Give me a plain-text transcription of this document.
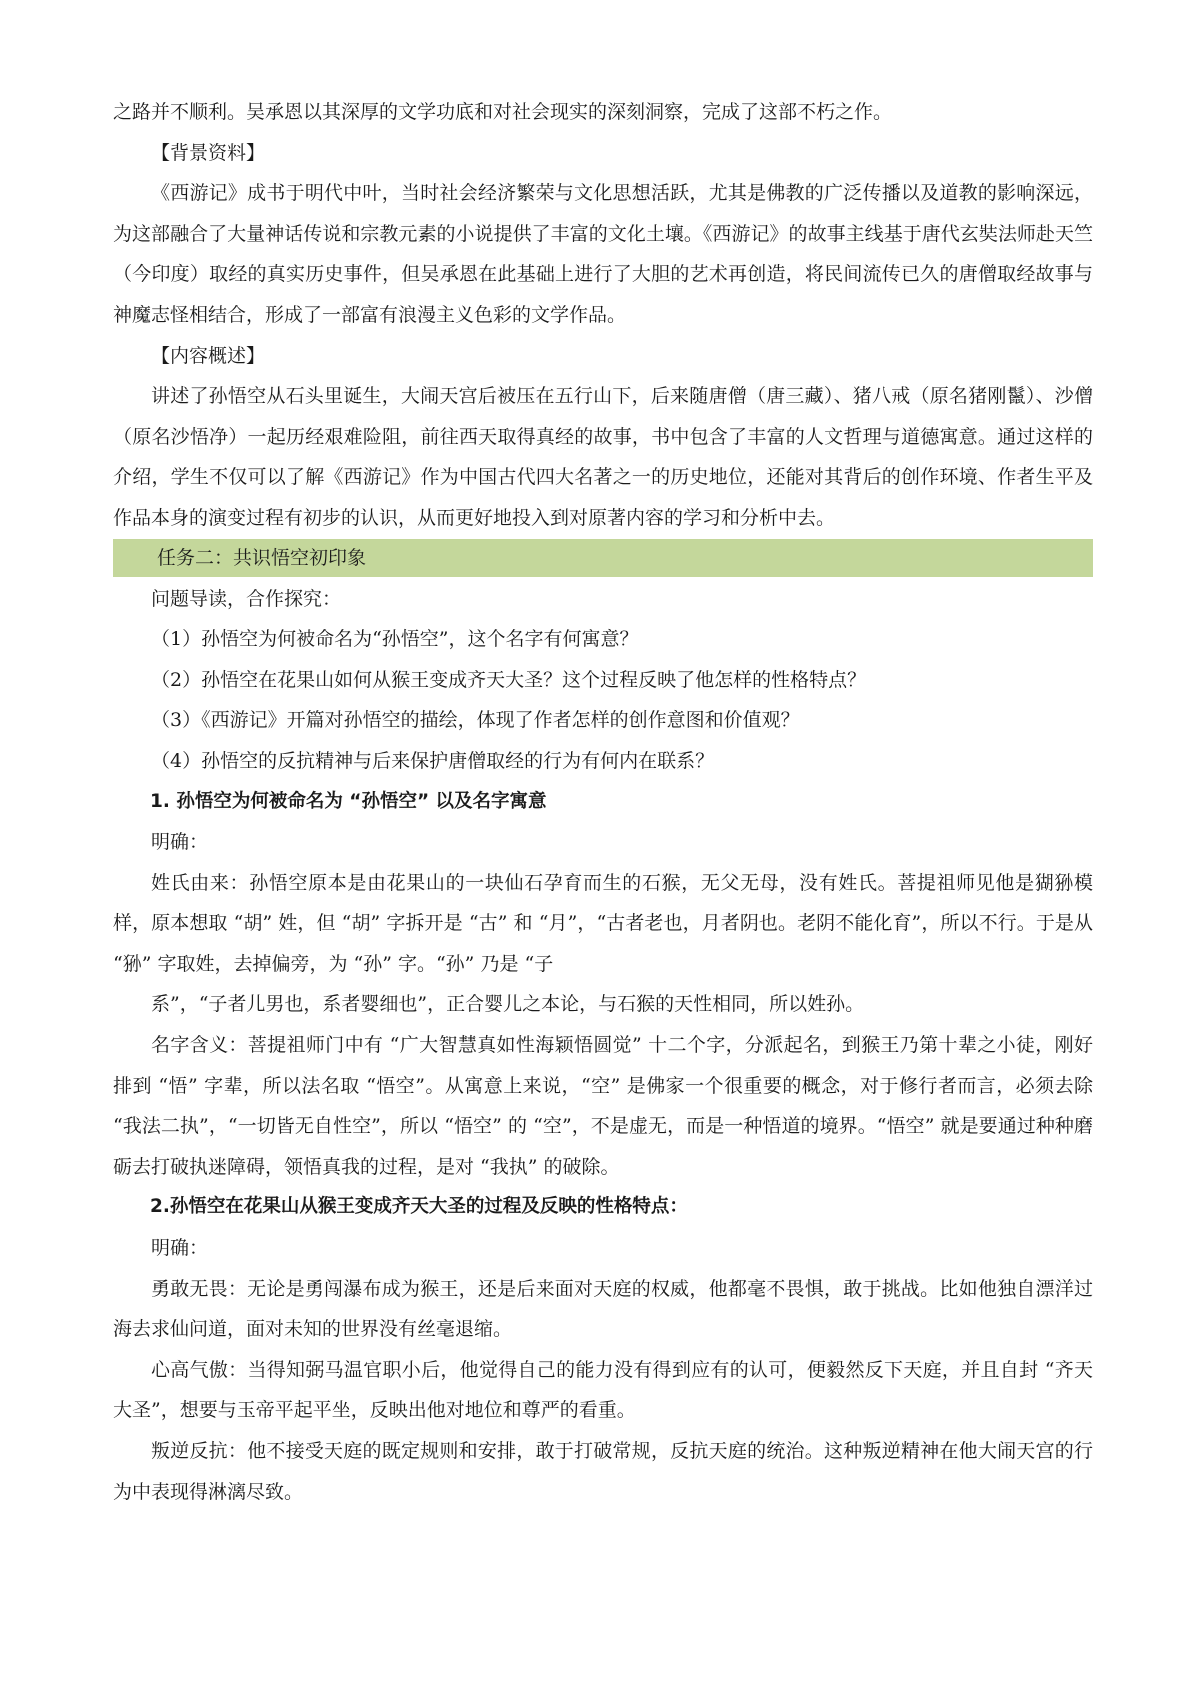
之路并不顺利。吴承恩以其深厚的文学功底和对社会现实的深刻洞察，完成了这部不朽之作。

【背景资料】

《西游记》成书于明代中叶，当时社会经济繁荣与文化思想活跃，尤其是佛教的广泛传播以及道教的影响深远，为这部融合了大量神话传说和宗教元素的小说提供了丰富的文化土壤。《西游记》的故事主线基于唐代玄奘法师赴天竺（今印度）取经的真实历史事件，但吴承恩在此基础上进行了大胆的艺术再创造，将民间流传已久的唐僧取经故事与神魔志怪相结合，形成了一部富有浪漫主义色彩的文学作品。

【内容概述】

讲述了孙悟空从石头里诞生，大闹天宫后被压在五行山下，后来随唐僧（唐三藏）、猪八戒（原名猪刚鬣）、沙僧（原名沙悟净）一起历经艰难险阻，前往西天取得真经的故事，书中包含了丰富的人文哲理与道德寓意。通过这样的介绍，学生不仅可以了解《西游记》作为中国古代四大名著之一的历史地位，还能对其背后的创作环境、作者生平及作品本身的演变过程有初步的认识，从而更好地投入到对原著内容的学习和分析中去。

任务二：共识悟空初印象

问题导读，合作探究：

（1）孙悟空为何被命名为“孙悟空”，这个名字有何寓意？

（2）孙悟空在花果山如何从猴王变成齐天大圣？这个过程反映了他怎样的性格特点？

（3）《西游记》开篇对孙悟空的描绘，体现了作者怎样的创作意图和价值观？

（4）孙悟空的反抗精神与后来保护唐僧取经的行为有何内在联系？

1. 孙悟空为何被命名为 “孙悟空” 以及名字寓意

明确：

姓氏由来：孙悟空原本是由花果山的一块仙石孕育而生的石猴，无父无母，没有姓氏。菩提祖师见他是猢狲模样，原本想取 “胡” 姓，但 “胡” 字拆开是 “古” 和 “月”，“古者老也，月者阴也。老阴不能化育”，所以不行。于是从 “狲” 字取姓，去掉偏旁，为 “孙” 字。“孙” 乃是 “子

系”，“子者儿男也，系者婴细也”，正合婴儿之本论，与石猴的天性相同，所以姓孙。

名字含义：菩提祖师门中有 “广大智慧真如性海颖悟圆觉” 十二个字，分派起名，到猴王乃第十辈之小徒，刚好排到 “悟” 字辈，所以法名取 “悟空”。从寓意上来说，“空” 是佛家一个很重要的概念，对于修行者而言，必须去除 “我法二执”，“一切皆无自性空”，所以 “悟空” 的 “空”，不是虚无，而是一种悟道的境界。“悟空” 就是要通过种种磨砺去打破执迷障碍，领悟真我的过程，是对 “我执” 的破除。

2.孙悟空在花果山从猴王变成齐天大圣的过程及反映的性格特点：

明确：

勇敢无畏：无论是勇闯瀑布成为猴王，还是后来面对天庭的权威，他都毫不畏惧，敢于挑战。比如他独自漂洋过海去求仙问道，面对未知的世界没有丝毫退缩。

心高气傲：当得知弼马温官职小后，他觉得自己的能力没有得到应有的认可，便毅然反下天庭，并且自封 “齐天大圣”，想要与玉帝平起平坐，反映出他对地位和尊严的看重。

叛逆反抗：他不接受天庭的既定规则和安排，敢于打破常规，反抗天庭的统治。这种叛逆精神在他大闹天宫的行为中表现得淋漓尽致。
